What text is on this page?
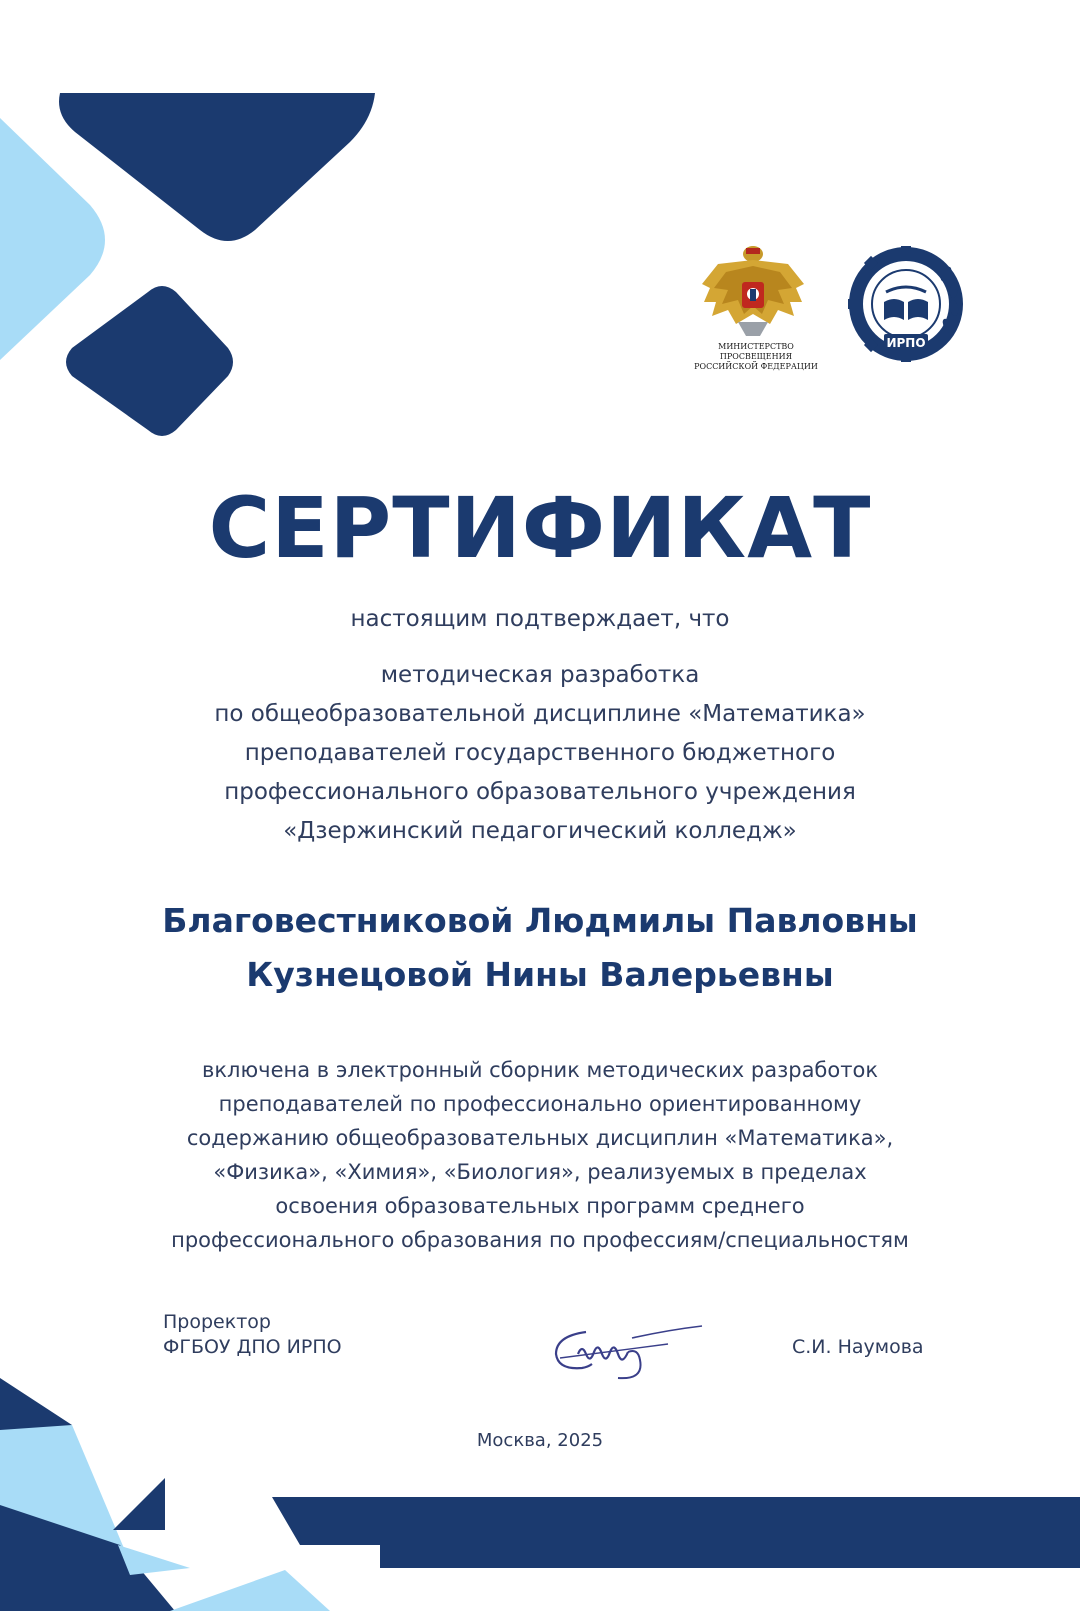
МИНИСТЕРСТВО ПРОСВЕЩЕНИЯ
РОССИЙСКОЙ ФЕДЕРАЦИИ
ИРПО
СЕРТИФИКАТ
настоящим подтверждает, что
методическая разработка
по общеобразовательной дисциплине «Математика»
преподавателей государственного бюджетного
профессионального образовательного учреждения
«Дзержинский педагогический колледж»
Благовестниковой Людмилы Павловны
Кузнецовой Нины Валерьевны
включена в электронный сборник методических разработок
преподавателей по профессионально ориентированному
содержанию общеобразовательных дисциплин «Математика»,
«Физика», «Химия», «Биология», реализуемых в пределах
освоения образовательных программ среднего
профессионального образования по профессиям/специальностям
Проректор
ФГБОУ ДПО ИРПО	С.И. Наумова
Москва, 2025
